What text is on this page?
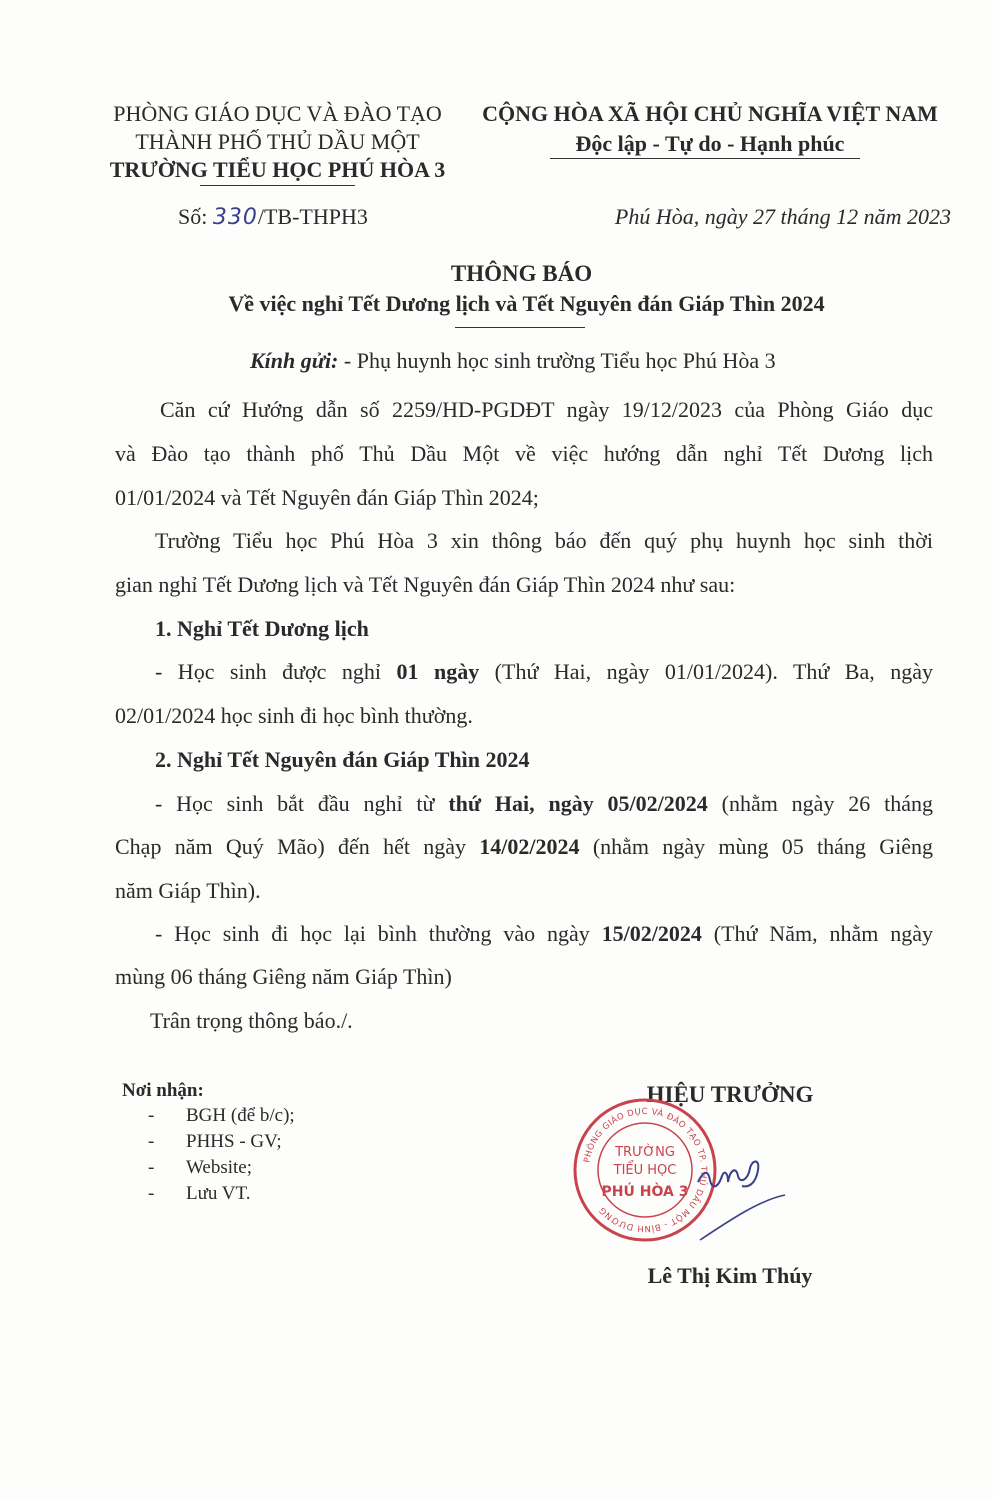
PHÒNG GIÁO DỤC VÀ ĐÀO TẠO
THÀNH PHỐ THỦ DẦU MỘT
TRƯỜNG TIỂU HỌC PHÚ HÒA 3
CỘNG HÒA XÃ HỘI CHỦ NGHĨA VIỆT NAM
Độc lập - Tự do - Hạnh phúc
Số: 330/TB-THPH3	Phú Hòa, ngày 27 tháng 12 năm 2023
THÔNG BÁO
Về việc nghỉ Tết Dương lịch và Tết Nguyên đán Giáp Thìn 2024
Kính gửi: - Phụ huynh học sinh trường Tiểu học Phú Hòa 3
Căn cứ Hướng dẫn số 2259/HD-PGDĐT ngày 19/12/2023 của Phòng Giáo dục
và Đào tạo thành phố Thủ Dầu Một về việc hướng dẫn nghỉ Tết Dương lịch
01/01/2024 và Tết Nguyên đán Giáp Thìn 2024;
Trường Tiểu học Phú Hòa 3 xin thông báo đến quý phụ huynh học sinh thời
gian nghỉ Tết Dương lịch và Tết Nguyên đán Giáp Thìn 2024 như sau:
1. Nghỉ Tết Dương lịch
- Học sinh được nghỉ 01 ngày (Thứ Hai, ngày 01/01/2024). Thứ Ba, ngày
02/01/2024 học sinh đi học bình thường.
2. Nghỉ Tết Nguyên đán Giáp Thìn 2024
- Học sinh bắt đầu nghỉ từ thứ Hai, ngày 05/02/2024 (nhằm ngày 26 tháng
Chạp năm Quý Mão) đến hết ngày 14/02/2024 (nhằm ngày mùng 05 tháng Giêng
năm Giáp Thìn).
- Học sinh đi học lại bình thường vào ngày 15/02/2024 (Thứ Năm, nhằm ngày
mùng 06 tháng Giêng năm Giáp Thìn)
Trân trọng thông báo./.
Nơi nhận:
- BGH (để b/c);
- PHHS - GV;
- Website;
- Lưu VT.
HIỆU TRƯỞNG
PHÒNG GIÁO DỤC VÀ ĐÀO TẠO TP. THỦ DẦU MỘT - BÌNH DƯƠNG
TRƯỜNG
TIỂU HỌC
PHÚ HÒA 3
Lê Thị Kim Thúy
